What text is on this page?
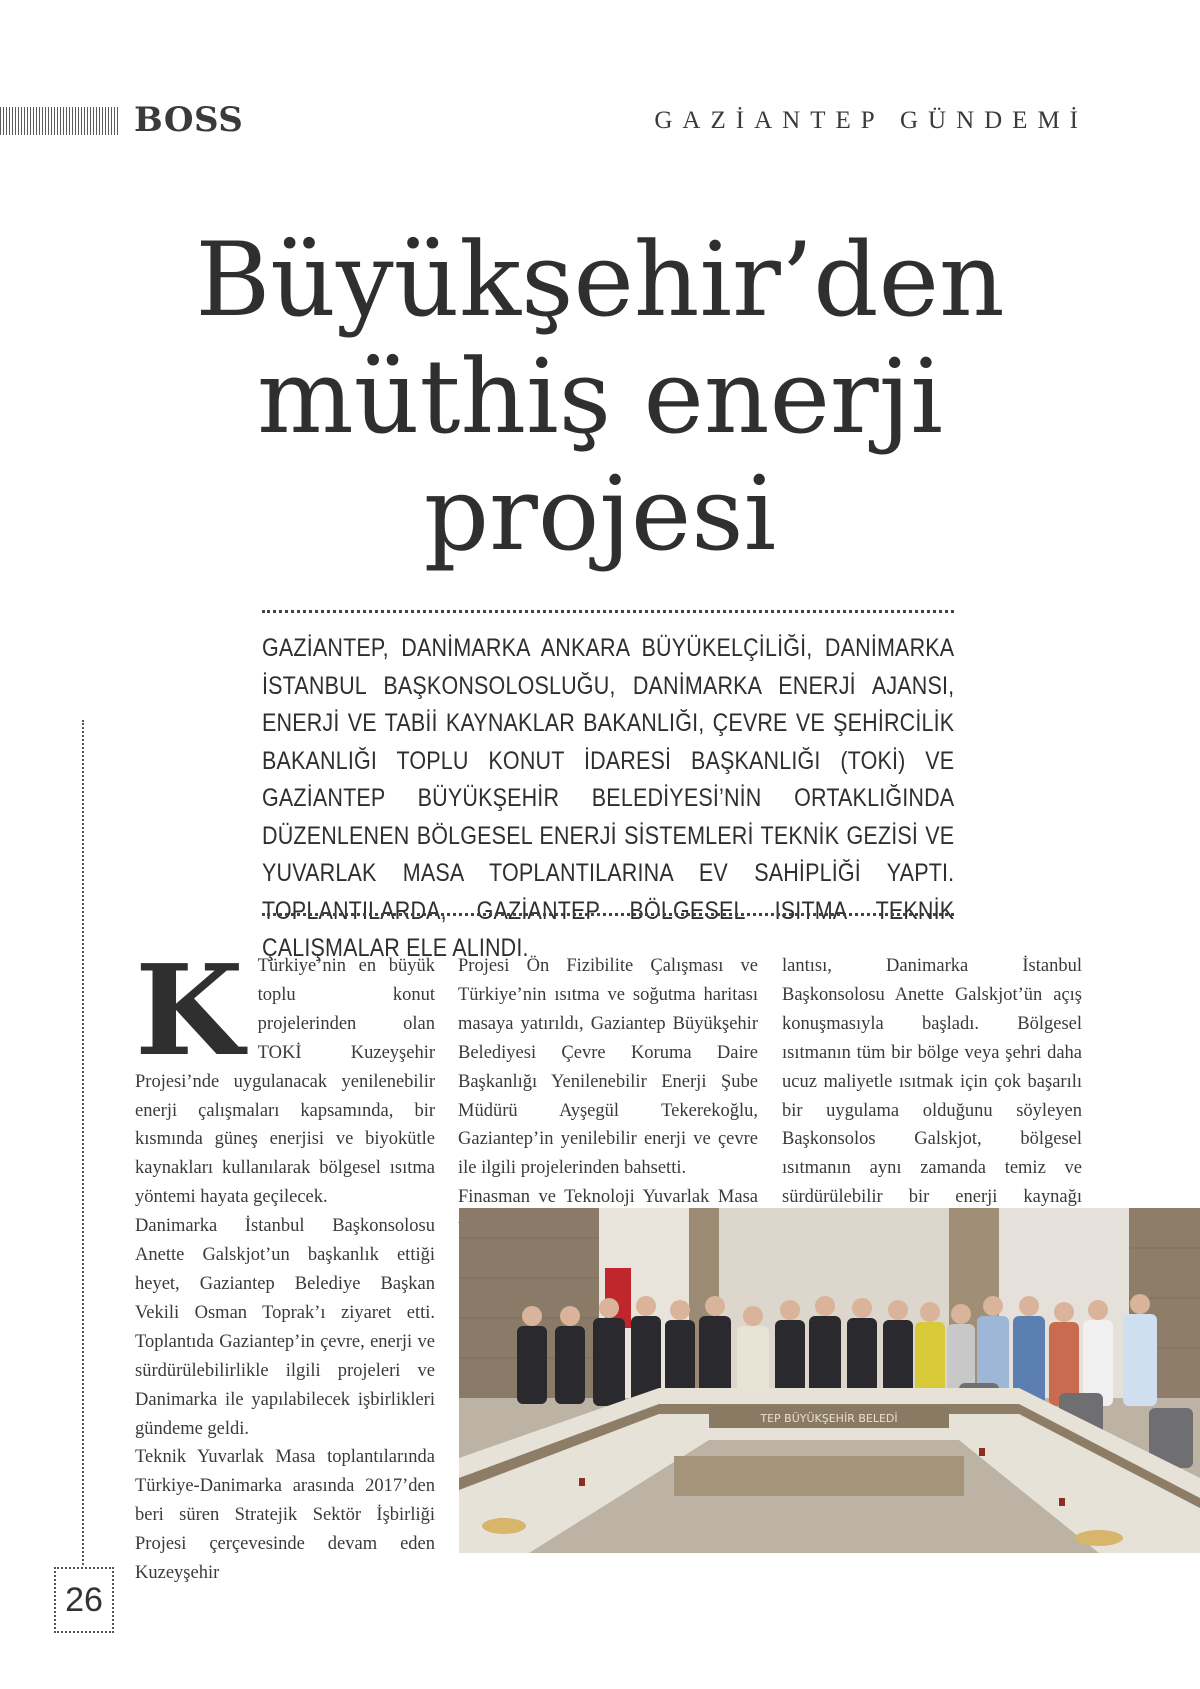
BOSS	GAZİANTEP GÜNDEMİ
Büyükşehir’den
müthiş enerji
projesi
GAZİANTEP, DANİMARKA ANKARA BÜYÜKELÇİLİĞİ, DANİMARKA İSTANBUL BAŞKONSOLOSLUĞU, DANİMARKA ENERJİ AJANSI, ENERJİ VE TABİİ KAYNAKLAR BAKANLIĞI, ÇEVRE VE ŞEHİRCİLİK BAKANLIĞI TOPLU KONUT İDARESİ BAŞKANLIĞI (TOKİ) VE GAZİANTEP BÜYÜKŞEHİR BELEDİYESİ’NİN ORTAKLIĞINDA DÜZENLENEN BÖLGESEL ENERJİ SİSTEMLERİ TEKNİK GEZİSİ VE YUVARLAK MASA TOPLANTILARINA EV SAHİPLİĞİ YAPTI. TOPLANTILARDA, GAZİANTEP BÖLGESEL ISITMA TEKNİK ÇALIŞMALAR ELE ALINDI.
26
K Türkiye’nin en büyük toplu konut projelerinden olan TOKİ Kuzeyşehir Projesi’nde uygulanacak yenilenebilir enerji çalışmaları kapsamında, bir kısmında güneş enerjisi ve biyokütle kaynakları kullanılarak bölgesel ısıtma yöntemi hayata geçilecek.

Danimarka İstanbul Başkonsolosu Anette Galskjot’un başkanlık ettiği heyet, Gaziantep Belediye Başkan Vekili Osman Toprak’ı ziyaret etti. Toplantıda Gaziantep’in çevre, enerji ve sürdürülebilirlikle ilgili projeleri ve Danimarka ile yapılabilecek işbirlikleri gündeme geldi.

Teknik Yuvarlak Masa toplantılarında Türkiye-Danimarka arasında 2017’den beri süren Stratejik Sektör İşbirliği Projesi çerçevesinde devam eden Kuzeyşehir

Projesi Ön Fizibilite Çalışması ve Türkiye’nin ısıtma ve soğutma haritası masaya yatırıldı, Gaziantep Büyükşehir Belediyesi Çevre Koruma Daire Başkanlığı Yenilenebilir Enerji Şube Müdürü Ayşegül Tekerekoğlu, Gaziantep’in yenilebilir enerji ve çevre ile ilgili projelerinden bahsetti.

Finasman ve Teknoloji Yuvarlak Masa

lantısı, Danimarka İstanbul Başkonsolosu Anette Galskjot’ün açış konuşmasıyla başladı. Bölgesel ısıtmanın tüm bir bölge veya şehri daha ucuz maliyetle ısıtmak için çok başarılı bir uygulama olduğunu söyleyen Başkonsolos Galskjot, bölgesel ısıtmanın aynı zamanda temiz ve sürdürülebilir bir enerji kaynağı

TEP BÜYÜKŞEHİR BELEDİ
